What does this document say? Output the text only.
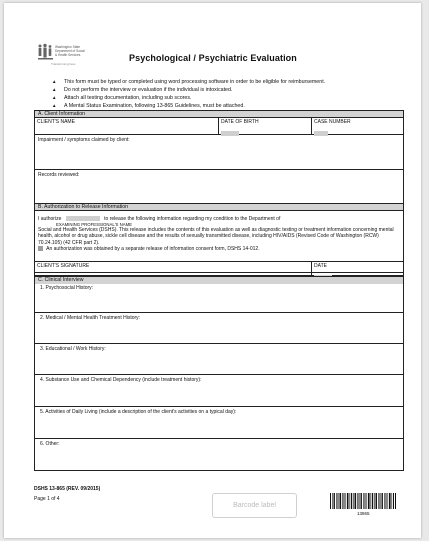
Washington State
Department of Social
& Health Services
Transforming lives
Psychological / Psychiatric Evaluation
▲ This form must be typed or completed using word processing software in order to be eligible for reimbursement.
▲ Do not perform the interview or evaluation if the individual is intoxicated.
▲ Attach all testing documentation, including sub scores.
▲ A Mental Status Examination, following 13-865 Guidelines, must be attached.
A. Client Information
CLIENT'S NAME	DATE OF BIRTH	CASE NUMBER
Impairment / symptoms claimed by client:
Records reviewed:
B. Authorization to Release Information
I authorize	to release the following information regarding my condition to the Department of
EXAMINING PROFESSIONAL'S NAME
Social and Health Services (DSHS). This release includes the contents of this evaluation as well as diagnostic testing or treatment information concerning mental health, alcohol or drug abuse, sickle cell disease and the results of sexually transmitted disease, including HIV/AIDS (Revised Code of Washington (RCW) 70.24.105) (42 CFR part 2).
An authorization was obtained by a separate release of information consent form, DSHS 14-012.
CLIENT'S SIGNATURE	DATE
C. Clinical Interview
1. Psychosocial History:
2. Medical / Mental Health Treatment History:
3. Educational / Work History:
4. Substance Use and Chemical Dependency (include treatment history):
5. Activities of Daily Living (include a description of the client's activities on a typical day):
6. Other:
DSHS 13-865 (REV. 09/2015)
Page 1 of 4
Barcode label
13865
